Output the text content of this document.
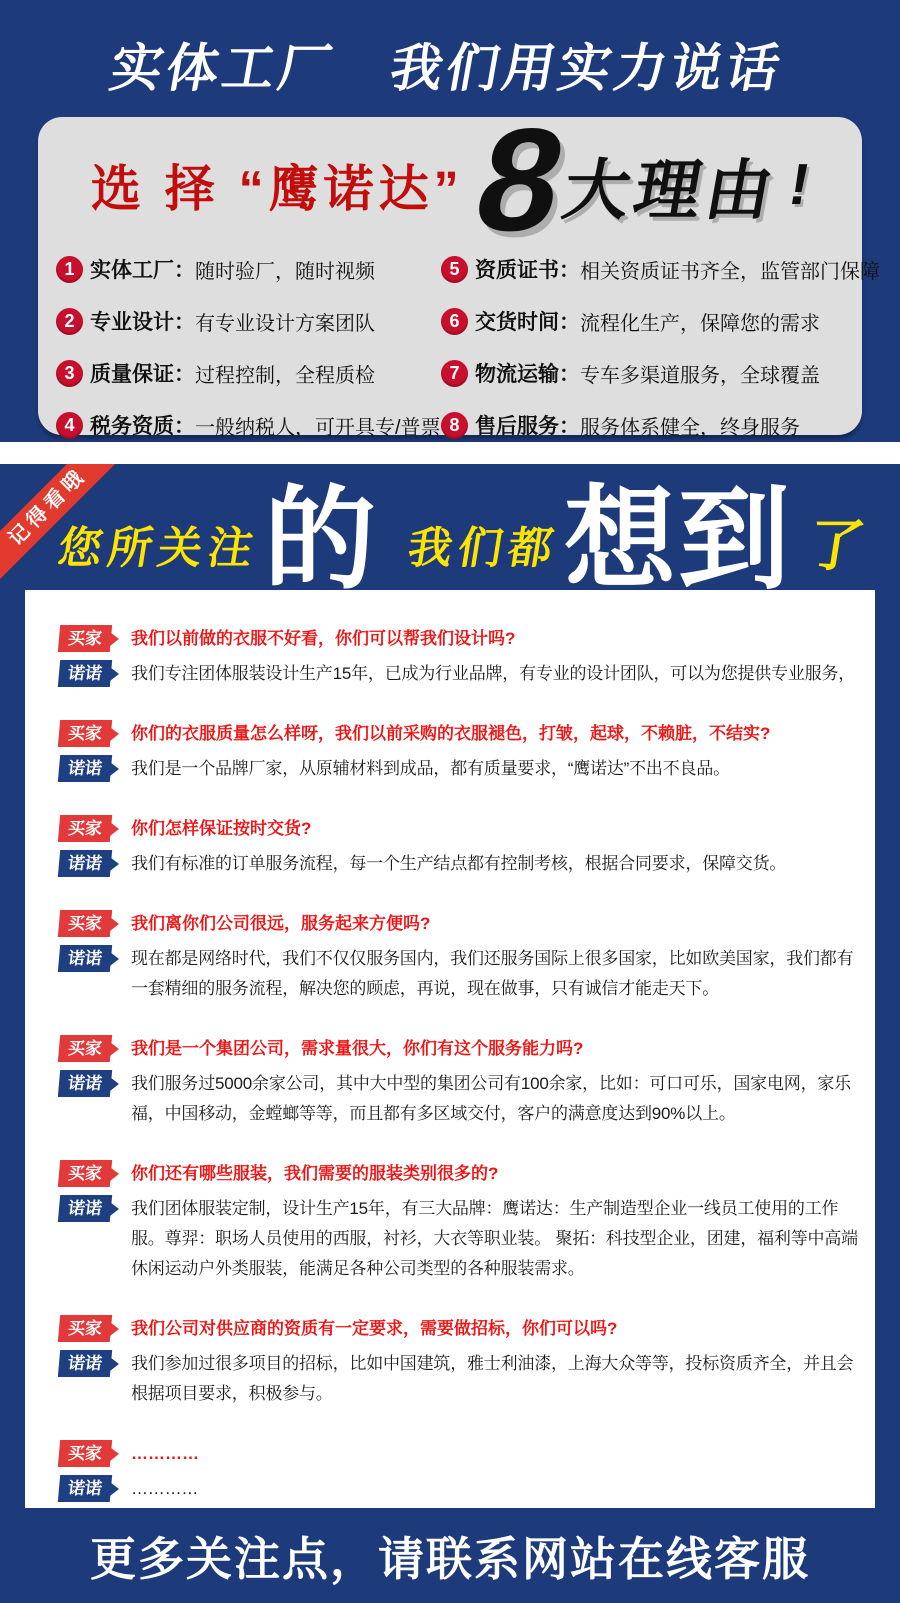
实体工厂　我们用实力说话
选 择 “鹰诺达”
8
大理由 !
1 实体工厂： 随时验厂，随时视频
2 专业设计： 有专业设计方案团队
3 质量保证： 过程控制，全程质检
4 税务资质： 一般纳税人，可开具专/普票
5 资质证书： 相关资质证书齐全，监管部门保障
6 交货时间： 流程化生产，保障您的需求
7 物流运输： 专车多渠道服务，全球覆盖
8 售后服务： 服务体系健全，终身服务
记得看哦
您所关注 的 我们都 想到 了
买家	我们以前做的衣服不好看，你们可以帮我们设计吗?

诺诺	我们专注团体服装设计生产15年，已成为行业品牌，有专业的设计团队，可以为您提供专业服务，

买家	你们的衣服质量怎么样呀，我们以前采购的衣服褪色，打皱，起球，不赖脏，不结实?

诺诺	我们是一个品牌厂家，从原辅材料到成品，都有质量要求，“鹰诺达”不出不良品。

买家	你们怎样保证按时交货?

诺诺	我们有标准的订单服务流程，每一个生产结点都有控制考核，根据合同要求，保障交货。

买家	我们离你们公司很远，服务起来方便吗?

诺诺	现在都是网络时代，我们不仅仅服务国内，我们还服务国际上很多国家，比如欧美国家，我们都有一套精细的服务流程，解决您的顾虑，再说，现在做事，只有诚信才能走天下。

买家	我们是一个集团公司，需求量很大，你们有这个服务能力吗?

诺诺	我们服务过5000余家公司，其中大中型的集团公司有100余家，比如：可口可乐，国家电网，家乐福，中国移动，金螳螂等等，而且都有多区域交付，客户的满意度达到90%以上。

买家	你们还有哪些服装，我们需要的服装类别很多的?

诺诺	我们团体服装定制，设计生产15年，有三大品牌：鹰诺达：生产制造型企业一线员工使用的工作服。尊羿：职场人员使用的西服，衬衫，大衣等职业装。 聚拓：科技型企业，团建，福利等中高端休闲运动户外类服装，能满足各种公司类型的各种服装需求。

买家	我们公司对供应商的资质有一定要求，需要做招标，你们可以吗?

诺诺	我们参加过很多项目的招标，比如中国建筑，雅士利油漆，上海大众等等，投标资质齐全，并且会根据项目要求，积极参与。

买家	…………

诺诺	…………

更多关注点，请联系网站在线客服
